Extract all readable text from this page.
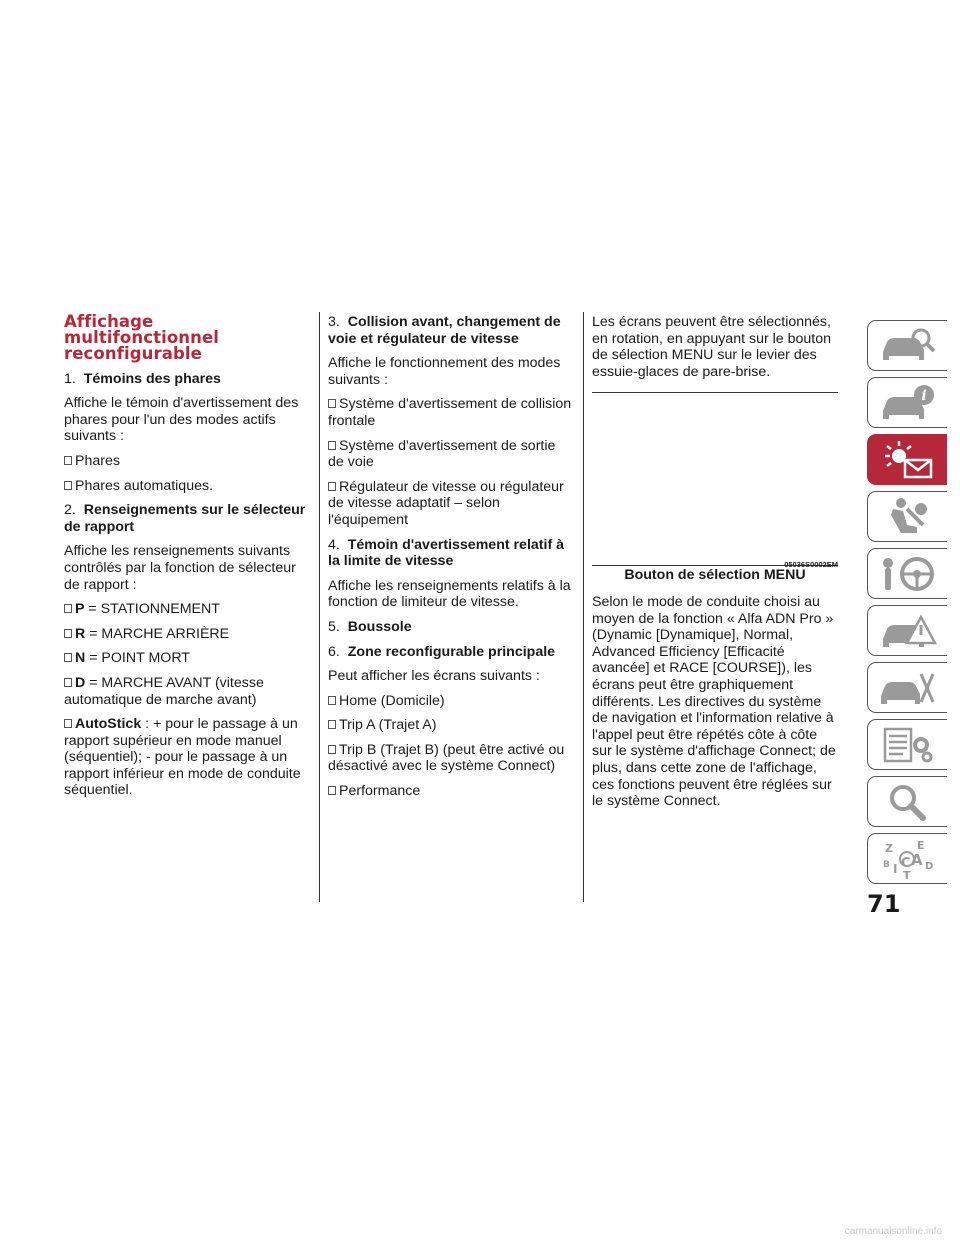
Affichage multifonctionnel reconfigurable

1. Témoins des phares

Affiche le témoin d'avertissement des phares pour l'un des modes actifs suivants :

Phares

Phares automatiques.

2. Renseignements sur le sélecteur de rapport

Affiche les renseignements suivants contrôlés par la fonction de sélecteur de rapport :

P = STATIONNEMENT

R = MARCHE ARRIÈRE

N = POINT MORT

D = MARCHE AVANT (vitesse automatique de marche avant)

AutoStick : + pour le passage à un rapport supérieur en mode manuel (séquentiel); - pour le passage à un rapport inférieur en mode de conduite séquentiel.

3. Collision avant, changement de voie et régulateur de vitesse

Affiche le fonctionnement des modes suivants :

Système d'avertissement de collision frontale

Système d'avertissement de sortie de voie

Régulateur de vitesse ou régulateur de vitesse adaptatif – selon l'équipement

4. Témoin d'avertissement relatif à la limite de vitesse

Affiche les renseignements relatifs à la fonction de limiteur de vitesse.

5. Boussole

6. Zone reconfigurable principale

Peut afficher les écrans suivants :

Home (Domicile)

Trip A (Trajet A)

Trip B (Trajet B) (peut être activé ou désactivé avec le système Connect)

Performance

Les écrans peuvent être sélectionnés, en rotation, en appuyant sur le bouton de sélection MENU sur le levier des essuie-glaces de pare-brise.

05036S0002EM
Bouton de sélection MENU

Selon le mode de conduite choisi au moyen de la fonction « Alfa ADN Pro » (Dynamic [Dynamique], Normal, Advanced Efficiency [Efficacité avancée] et RACE [COURSE]), les écrans peut être graphiquement différents. Les directives du système de navigation et l'information relative à l'appel peut être répétés côte à côte sur le système d'affichage Connect; de plus, dans cette zone de l'affichage, ces fonctions peuvent être réglées sur le système Connect.

i
Z E
B I C A D
T
71
carmanualsonline.info
